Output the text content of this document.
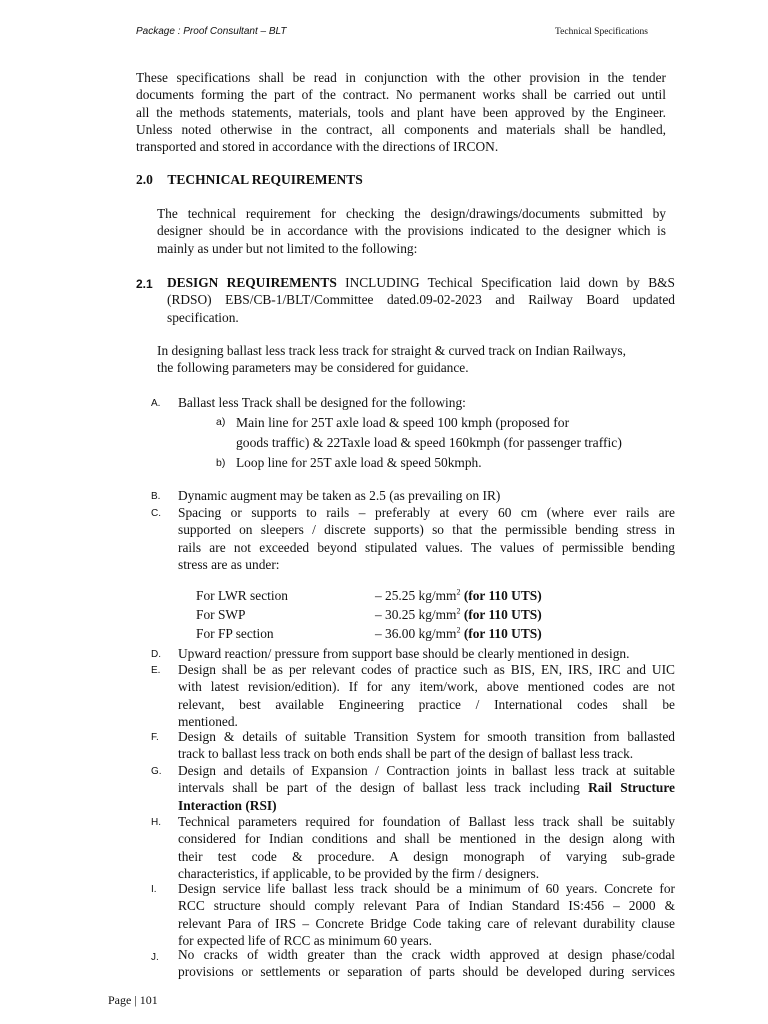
Package : Proof Consultant – BLT	Technical Specifications
These specifications shall be read in conjunction with the other provision in the tender
documents forming the part of the contract. No permanent works shall be carried out until
all the methods statements, materials, tools and plant have been approved by the Engineer.
Unless noted otherwise in the contract, all components and materials shall be handled,
transported and stored in accordance with the directions of IRCON.
2.0 TECHNICAL REQUIREMENTS
The technical requirement for checking the design/drawings/documents submitted by
designer should be in accordance with the provisions indicated to the designer which is
mainly as under but not limited to the following:
2.1 DESIGN REQUIREMENTS INCLUDING Techical Specification laid down by B&S
(RDSO) EBS/CB-1/BLT/Committee dated.09-02-2023 and Railway Board updated
specification.
In designing ballast less track less track for straight & curved track on Indian Railways,
the following parameters may be considered for guidance.
A. Ballast less Track shall be designed for the following:
a) Main line for 25T axle load & speed 100 kmph (proposed for
goods traffic) & 22Taxle load & speed 160kmph (for passenger traffic)
b) Loop line for 25T axle load & speed 50kmph.
B. Dynamic augment may be taken as 2.5 (as prevailing on IR)
C. Spacing or supports to rails – preferably at every 60 cm (where ever rails are
supported on sleepers / discrete supports) so that the permissible bending stress in
rails are not exceeded beyond stipulated values. The values of permissible bending
stress are as under:
For LWR section	– 25.25 $kg/mm^2$ (for 110 UTS)
For SWP	– 30.25 $kg/mm^2$ (for 110 UTS)
For FP section	– 36.00 $kg/mm^2$ (for 110 UTS)
D. Upward reaction/ pressure from support base should be clearly mentioned in design.
E. Design shall be as per relevant codes of practice such as BIS, EN, IRS, IRC and UIC
with latest revision/edition). If for any item/work, above mentioned codes are not
relevant, best available Engineering practice / International codes shall be
mentioned.
F. Design & details of suitable Transition System for smooth transition from ballasted
track to ballast less track on both ends shall be part of the design of ballast less track.
G. Design and details of Expansion / Contraction joints in ballast less track at suitable
intervals shall be part of the design of ballast less track including Rail Structure
Interaction (RSI)
H. Technical parameters required for foundation of Ballast less track shall be suitably
considered for Indian conditions and shall be mentioned in the design along with
their test code & procedure. A design monograph of varying sub-grade
characteristics, if applicable, to be provided by the firm / designers.
I. Design service life ballast less track should be a minimum of 60 years. Concrete for
RCC structure should comply relevant Para of Indian Standard IS:456 – 2000 &
relevant Para of IRS – Concrete Bridge Code taking care of relevant durability clause
for expected life of RCC as minimum 60 years.
J. No cracks of width greater than the crack width approved at design phase/codal
provisions or settlements or separation of parts should be developed during services
Page | 101
